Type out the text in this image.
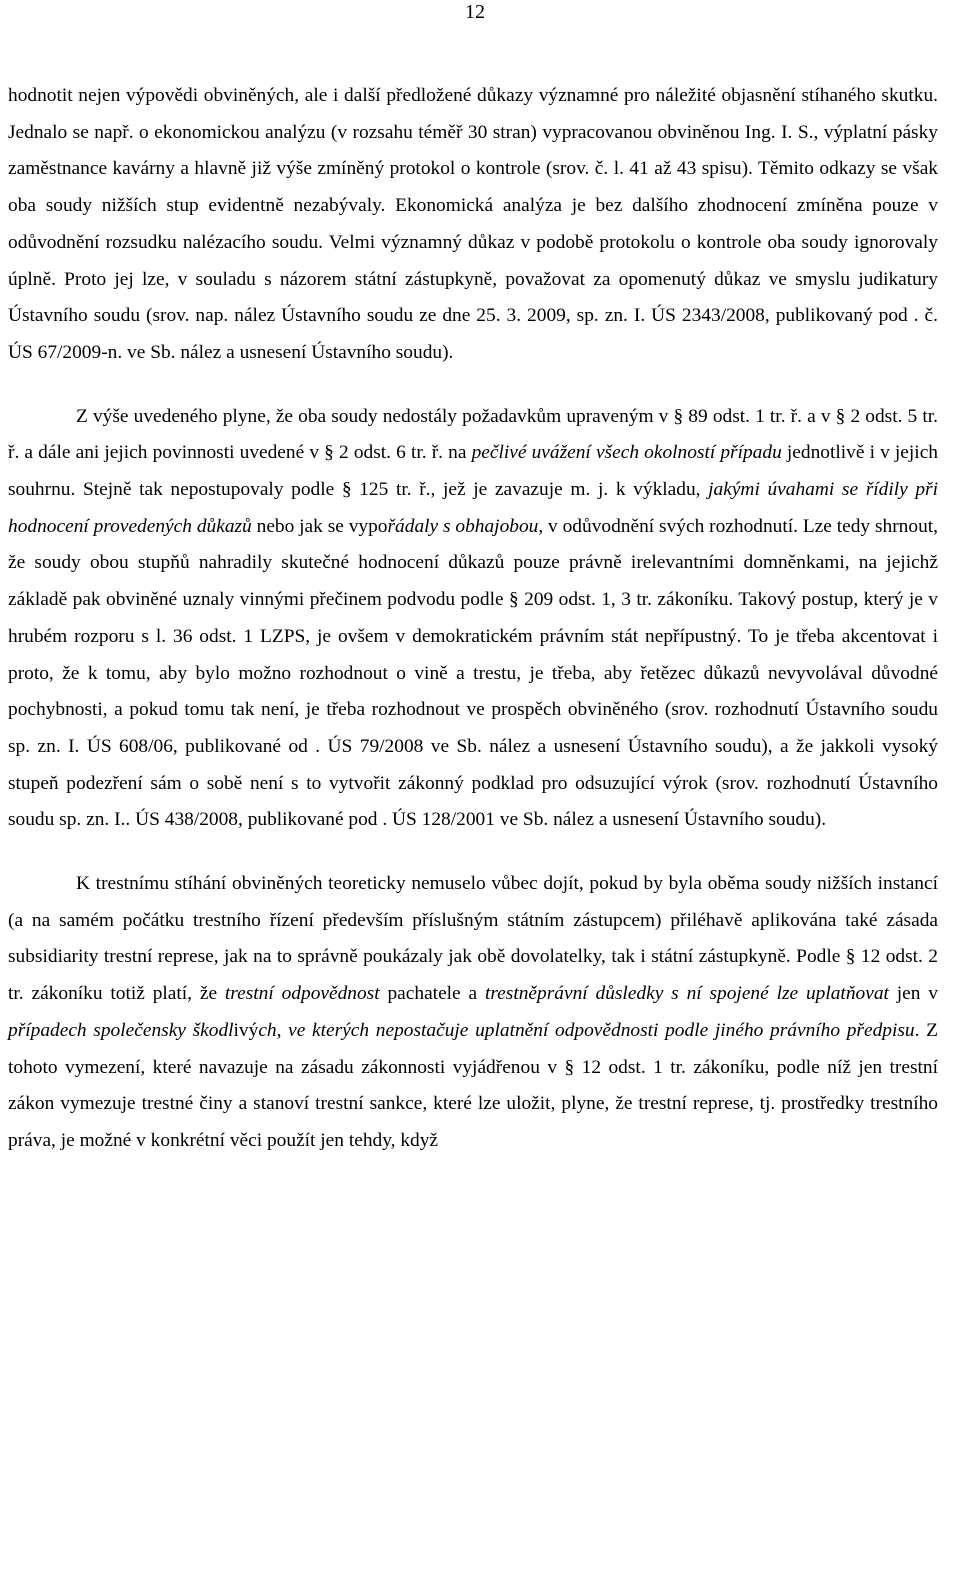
12

hodnotit nejen výpovědi obviněných, ale i další předložené důkazy významné pro náležité objasnění stíhaného skutku. Jednalo se např. o ekonomickou analýzu (v rozsahu téměř 30 stran) vypracovanou obviněnou Ing. I. S., výplatní pásky zaměstnance kavárny a hlavně již výše zmíněný protokol o kontrole (srov. č. l. 41 až 43 spisu). Těmito odkazy se však oba soudy nižších stup evidentně nezabývaly. Ekonomická analýza je bez dalšího zhodnocení zmíněna pouze v odůvodnění rozsudku nalézacího soudu. Velmi významný důkaz v podobě protokolu o kontrole oba soudy ignorovaly úplně. Proto jej lze, v souladu s názorem státní zástupkyně, považovat za opomenutý důkaz ve smyslu judikatury Ústavního soudu (srov. nap. nález Ústavního soudu ze dne 25. 3. 2009, sp. zn. I. ÚS 2343/2008, publikovaný pod . č. ÚS 67/2009-n. ve Sb. nález a usnesení Ústavního soudu).

Z výše uvedeného plyne, že oba soudy nedostály požadavkům upraveným v § 89 odst. 1 tr. ř. a v § 2 odst. 5 tr. ř. a dále ani jejich povinnosti uvedené v § 2 odst. 6 tr. ř. na pečlivé uvážení všech okolností případu jednotlivě i v jejich souhrnu. Stejně tak nepostupovaly podle § 125 tr. ř., jež je zavazuje m. j. k výkladu, jakými úvahami se řídily při hodnocení provedených důkazů nebo jak se vypořádaly s obhajobou, v odůvodnění svých rozhodnutí. Lze tedy shrnout, že soudy obou stupňů nahradily skutečné hodnocení důkazů pouze právně irelevantními domněnkami, na jejichž základě pak obviněné uznaly vinnými přečinem podvodu podle § 209 odst. 1, 3 tr. zákoníku. Takový postup, který je v hrubém rozporu s l. 36 odst. 1 LZPS, je ovšem v demokratickém právním stát nepřípustný. To je třeba akcentovat i proto, že k tomu, aby bylo možno rozhodnout o vině a trestu, je třeba, aby řetězec důkazů nevyvolával důvodné pochybnosti, a pokud tomu tak není, je třeba rozhodnout ve prospěch obviněného (srov. rozhodnutí Ústavního soudu sp. zn. I. ÚS 608/06, publikované od . ÚS 79/2008 ve Sb. nález a usnesení Ústavního soudu), a že jakkoli vysoký stupeň podezření sám o sobě není s to vytvořit zákonný podklad pro odsuzující výrok (srov. rozhodnutí Ústavního soudu sp. zn. I.. ÚS 438/2008, publikované pod . ÚS 128/2001 ve Sb. nález a usnesení Ústavního soudu).

K trestnímu stíhání obviněných teoreticky nemuselo vůbec dojít, pokud by byla oběma soudy nižších instancí (a na samém počátku trestního řízení především příslušným státním zástupcem) přiléhavě aplikována také zásada subsidiarity trestní represe, jak na to správně poukázaly jak obě dovolatelky, tak i státní zástupkyně. Podle § 12 odst. 2 tr. zákoníku totiž platí, že trestní odpovědnost pachatele a trestněprávní důsledky s ní spojené lze uplatňovat jen v případech společensky škodlivých, ve kterých nepostačuje uplatnění odpovědnosti podle jiného právního předpisu. Z tohoto vymezení, které navazuje na zásadu zákonnosti vyjádřenou v § 12 odst. 1 tr. zákoníku, podle níž jen trestní zákon vymezuje trestné činy a stanoví trestní sankce, které lze uložit, plyne, že trestní represe, tj. prostředky trestního práva, je možné v konkrétní věci použít jen tehdy, když
